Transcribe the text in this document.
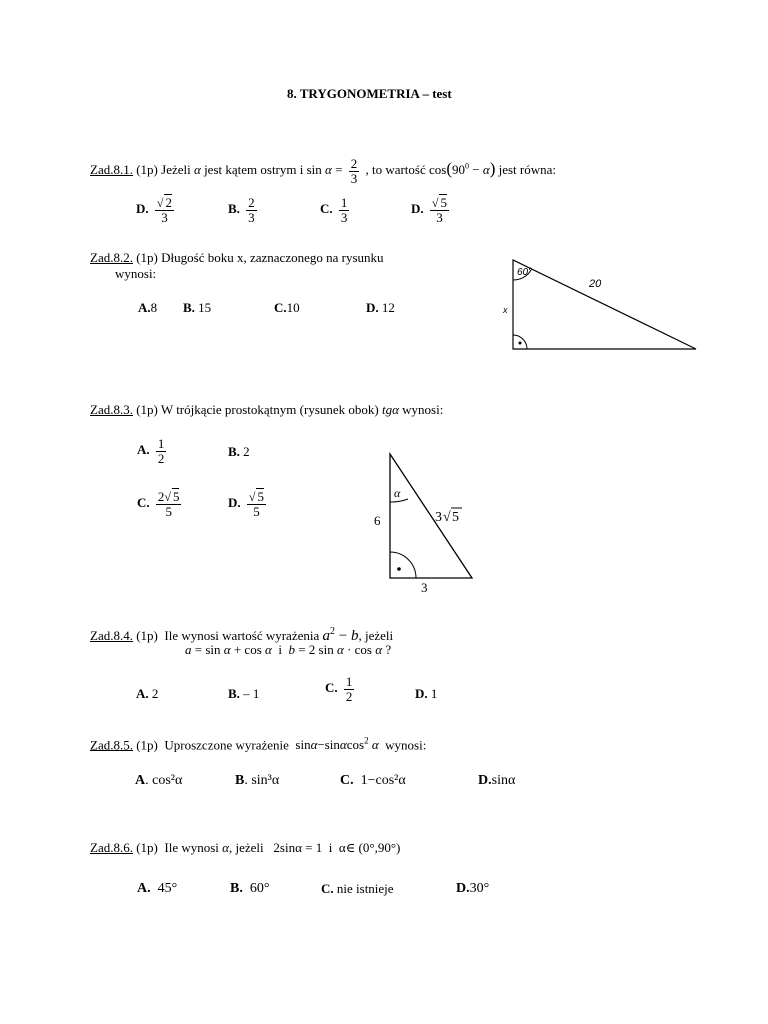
8. TRYGONOMETRIA – test
Zad.8.1. (1p) Jeżeli α jest kątem ostrym i $\sin \alpha = \frac{2}{3}$ , to wartość $\cos(90^0 - \alpha)$ jest równa:
D. $\frac{√ 2}{3}$	B. $\frac{2}{3}$	C. $\frac{1}{3}$	D. $\frac{√ 5}{3}$
Zad.8.2. (1p) Długość boku x, zaznaczonego na rysunku
wynosi:
A.8 B. 15	C.10	D. 12
60°
20
x
Zad.8.3. (1p) W trójkącie prostokątnym (rysunek obok) tgα wynosi:
A. $\frac{1}{2}$	B. 2
C. $\frac{2√ 5}{5}$	D. $\frac{√ 5}{5}$	α
6
3
3 √ 5
Zad.8.4. (1p) Ile wynosi wartość wyrażenia $a^2 - b$, jeżeli
a = sin α + cos α i b = 2 sin α · cos α ?
A. 2	B. – 1	C. $\frac{1}{2}$	D. 1
Zad.8.5. (1p) Uproszczone wyrażenie sinα−sinαcos$^2$ α wynosi:
A. cos²α	B. sin³α	C. 1−cos²α	D.sinα
Zad.8.6. (1p) Ile wynosi α, jeżeli 2sinα = 1 i α∈ (0°,90°)
A. 45°	B. 60°	C. nie istnieje	D.30°
